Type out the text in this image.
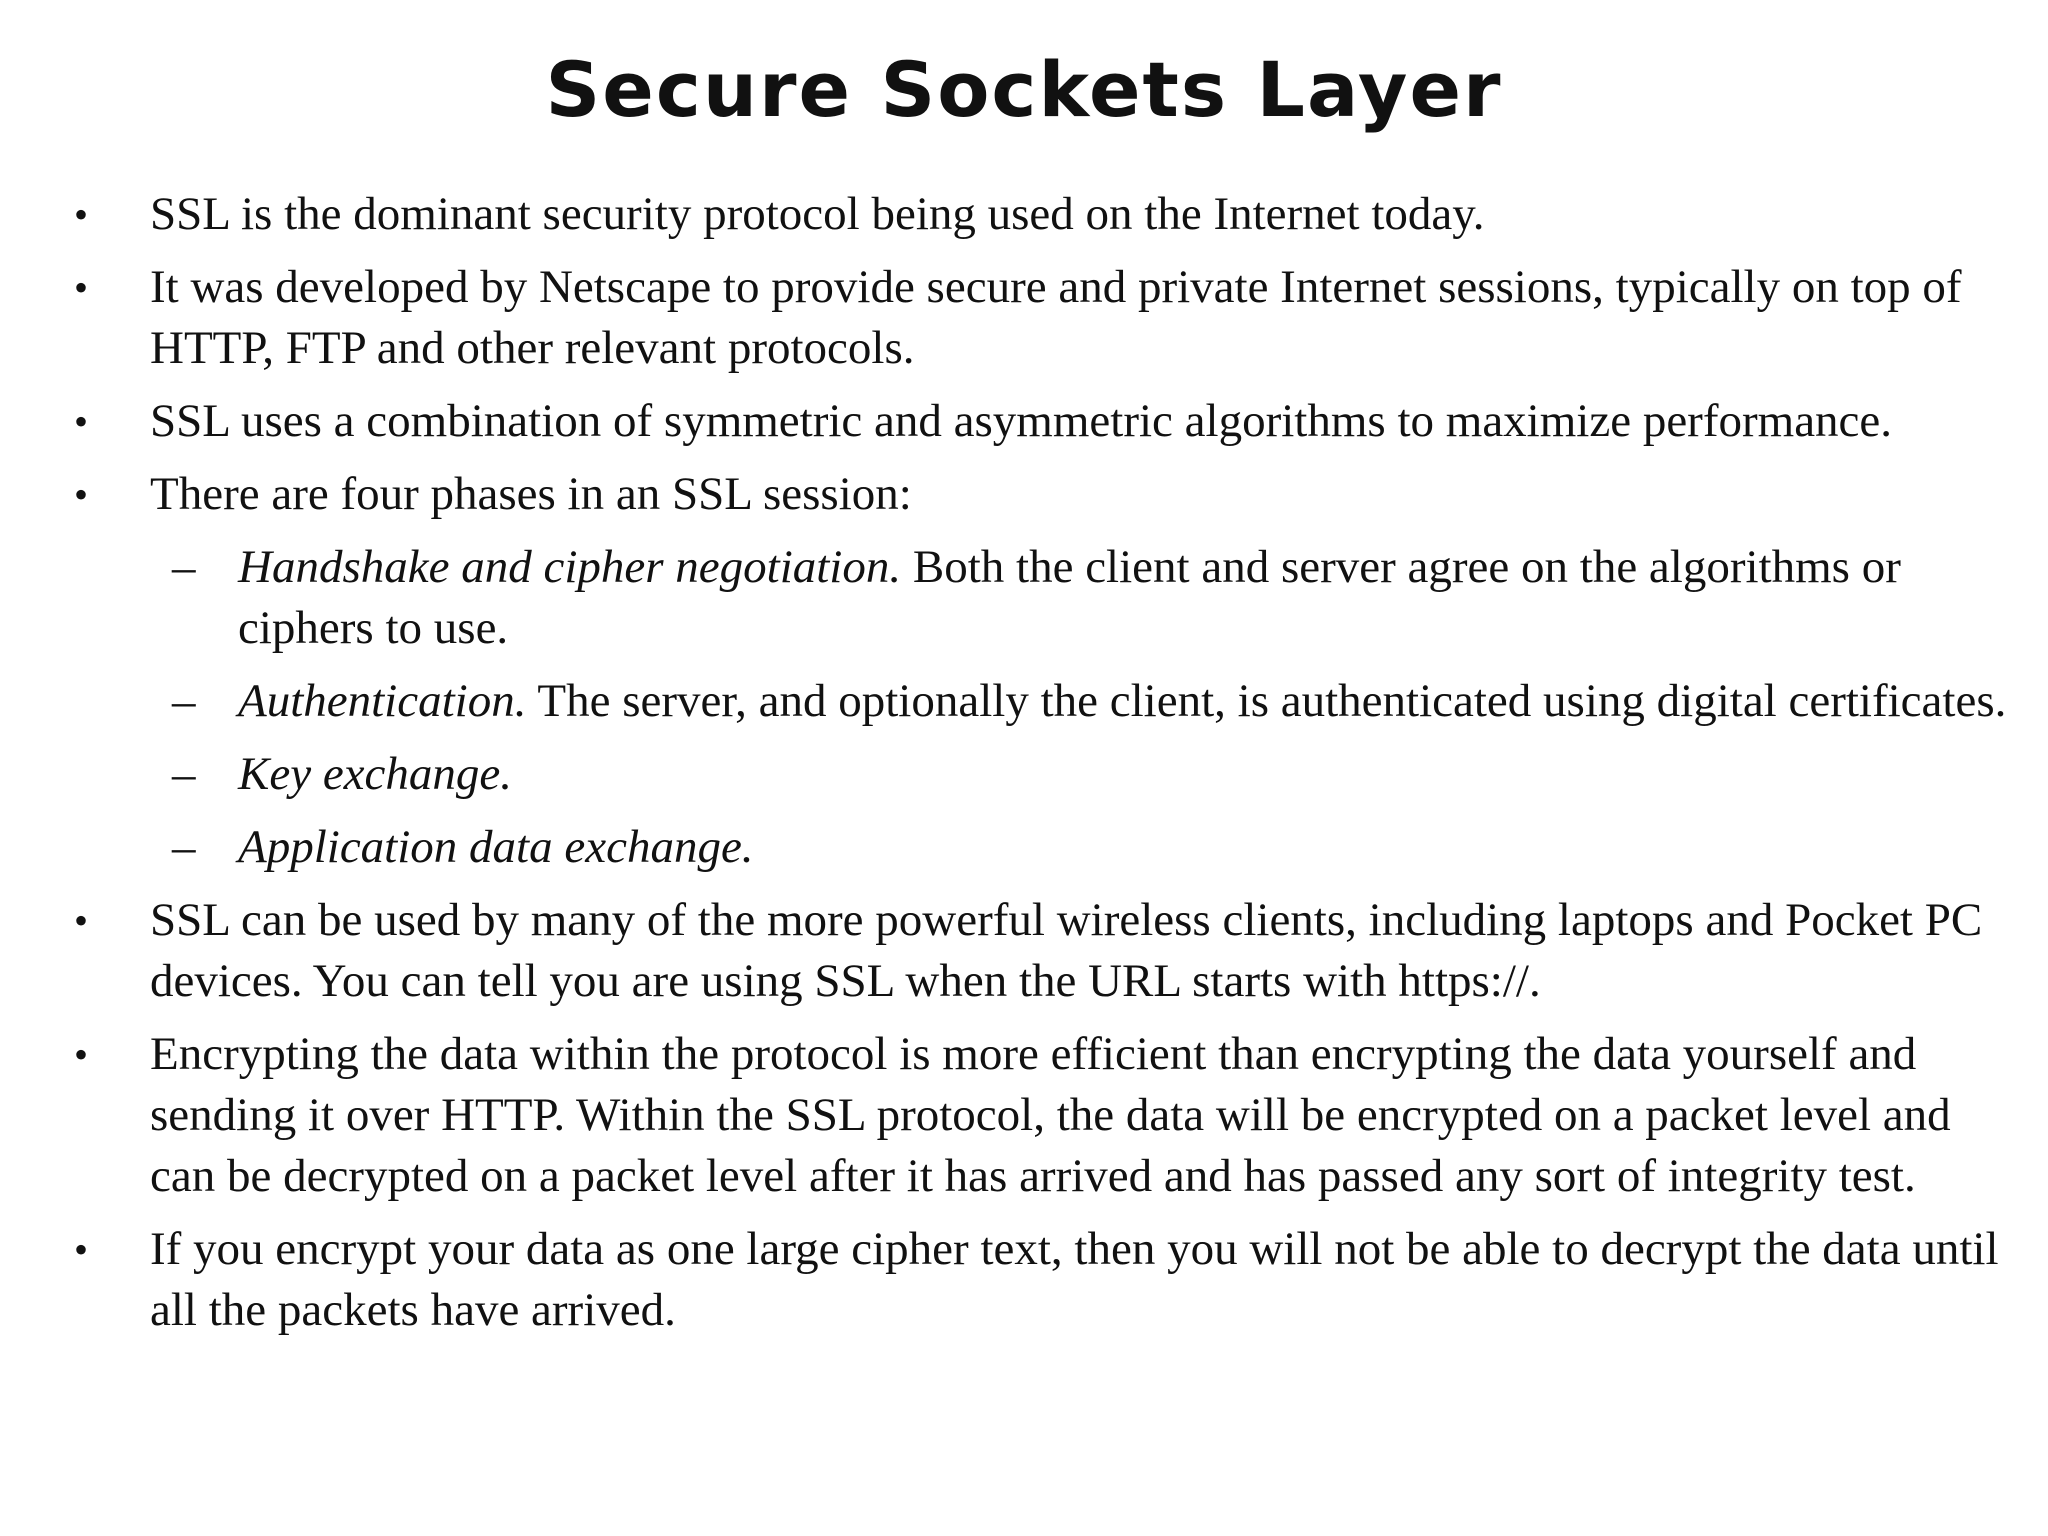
Secure Sockets Layer
•	SSL is the dominant security protocol being used on the Internet today.
•	It was developed by Netscape to provide secure and private Internet sessions, typically on top of HTTP, FTP and other relevant protocols.
•	SSL uses a combination of symmetric and asymmetric algorithms to maximize performance.
•	There are four phases in an SSL session:
– Handshake and cipher negotiation. Both the client and server agree on the algorithms or ciphers to use.
– Authentication. The server, and optionally the client, is authenticated using digital certificates.
– Key exchange.
– Application data exchange.
•	SSL can be used by many of the more powerful wireless clients, including laptops and Pocket PC devices. You can tell you are using SSL when the URL starts with https://.
•	Encrypting the data within the protocol is more efficient than encrypting the data yourself and sending it over HTTP. Within the SSL protocol, the data will be encrypted on a packet level and can be decrypted on a packet level after it has arrived and has passed any sort of integrity test.
•	If you encrypt your data as one large cipher text, then you will not be able to decrypt the data until all the packets have arrived.
